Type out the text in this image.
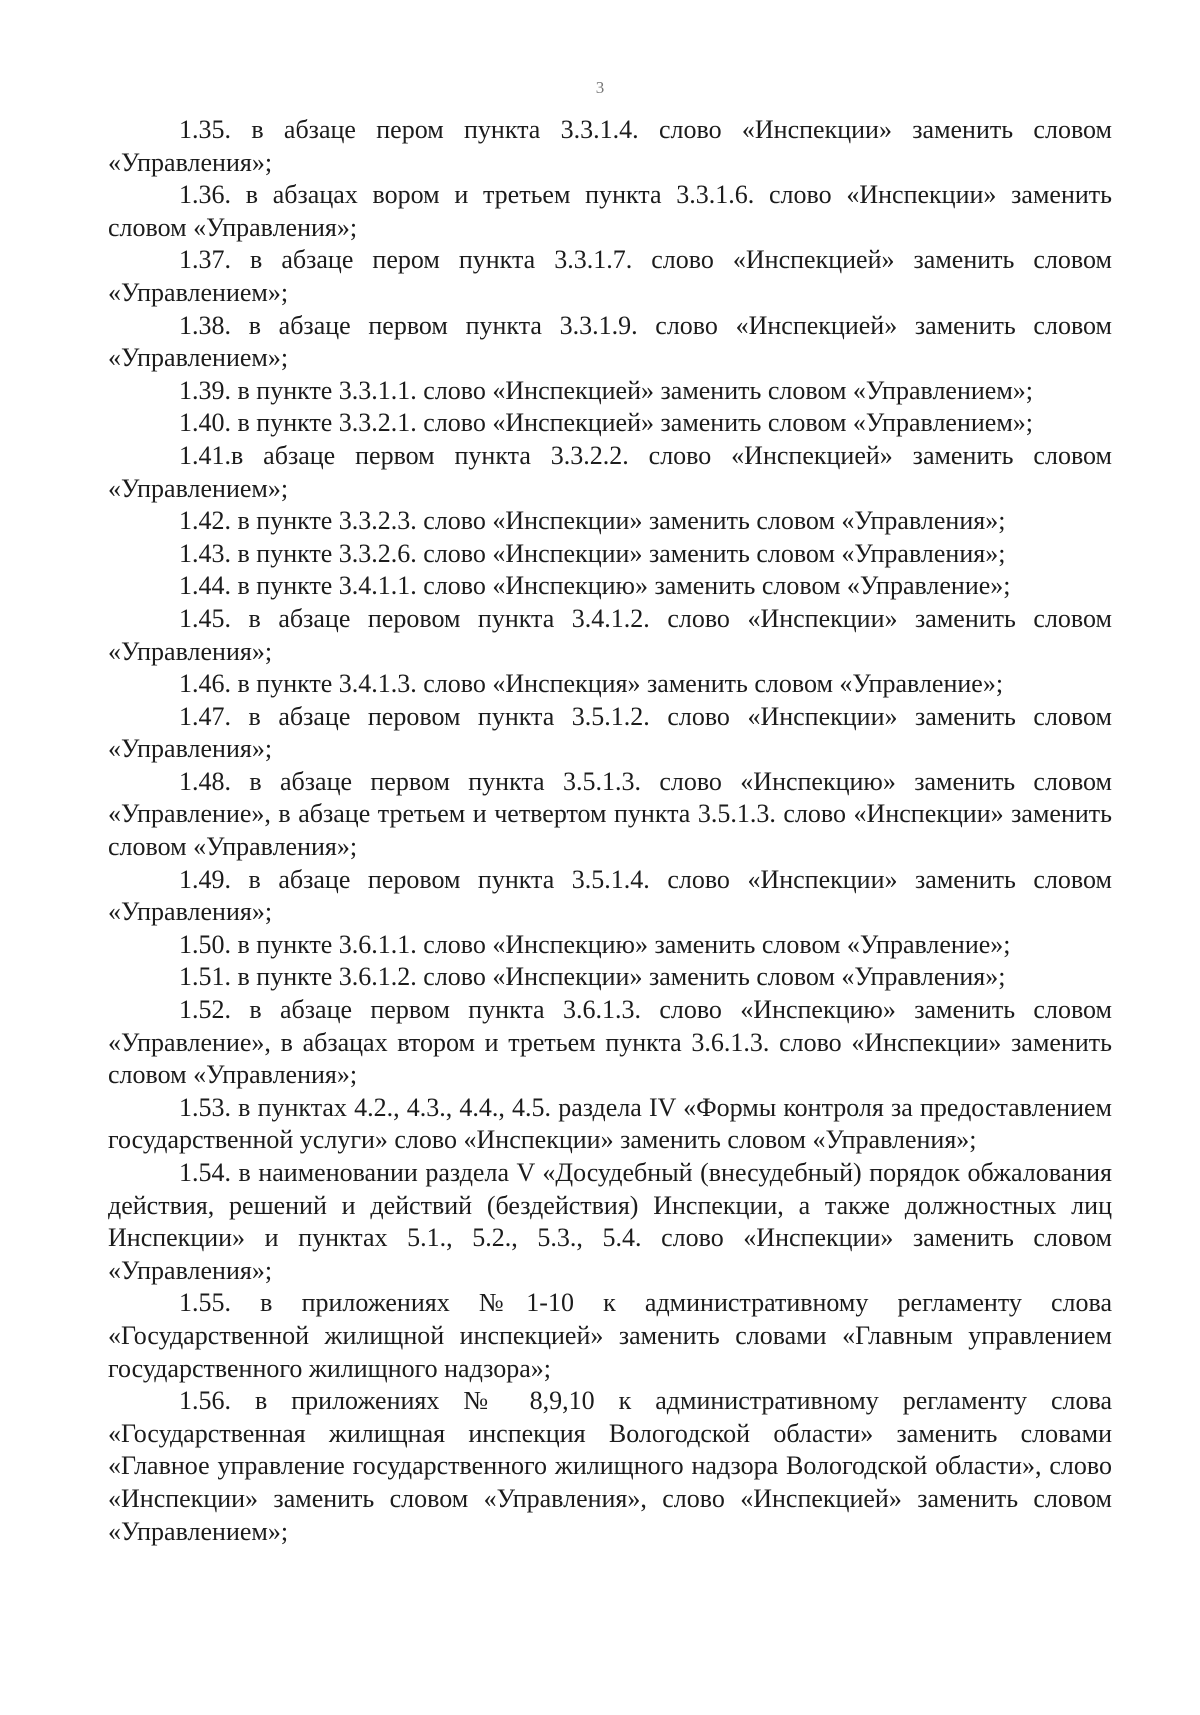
3

1.35. в абзаце пером пункта 3.3.1.4. слово «Инспекции» заменить словом «Управления»;

1.36. в абзацах вором и третьем пункта 3.3.1.6. слово «Инспекции» заменить словом «Управления»;

1.37. в абзаце пером пункта 3.3.1.7. слово «Инспекцией» заменить словом «Управлением»;

1.38. в абзаце первом пункта 3.3.1.9. слово «Инспекцией» заменить словом «Управлением»;

1.39. в пункте 3.3.1.1. слово «Инспекцией» заменить словом «Управлением»;

1.40. в пункте 3.3.2.1. слово «Инспекцией» заменить словом «Управлением»;

1.41.в абзаце первом пункта 3.3.2.2. слово «Инспекцией» заменить словом «Управлением»;

1.42. в пункте 3.3.2.3. слово «Инспекции» заменить словом «Управления»;

1.43. в пункте 3.3.2.6. слово «Инспекции» заменить словом «Управления»;

1.44. в пункте 3.4.1.1. слово «Инспекцию» заменить словом «Управление»;

1.45. в абзаце перовом пункта 3.4.1.2. слово «Инспекции» заменить словом «Управления»;

1.46. в пункте 3.4.1.3. слово «Инспекция» заменить словом «Управление»;

1.47. в абзаце перовом пункта 3.5.1.2. слово «Инспекции» заменить словом «Управления»;

1.48. в абзаце первом пункта 3.5.1.3. слово «Инспекцию» заменить словом «Управление», в абзаце третьем и четвертом пункта 3.5.1.3. слово «Инспекции» заменить словом «Управления»;

1.49. в абзаце перовом пункта 3.5.1.4. слово «Инспекции» заменить словом «Управления»;

1.50. в пункте 3.6.1.1. слово «Инспекцию» заменить словом «Управление»;

1.51. в пункте 3.6.1.2. слово «Инспекции» заменить словом «Управления»;

1.52. в абзаце первом пункта 3.6.1.3. слово «Инспекцию» заменить словом «Управление», в абзацах втором и третьем пункта 3.6.1.3. слово «Инспекции» заменить словом «Управления»;

1.53. в пунктах 4.2., 4.3., 4.4., 4.5. раздела IV «Формы контроля за предоставлением государственной услуги» слово «Инспекции» заменить словом «Управления»;

1.54. в наименовании раздела V «Досудебный (внесудебный) порядок обжалования действия, решений и действий (бездействия) Инспекции, а также должностных лиц Инспекции» и пунктах 5.1., 5.2., 5.3., 5.4. слово «Инспекции» заменить словом «Управления»;

1.55. в приложениях №1-10 к административному регламенту слова «Государственной жилищной инспекцией» заменить словами «Главным управлением государственного жилищного надзора»;

1.56. в приложениях № 8,9,10 к административному регламенту слова «Государственная жилищная инспекция Вологодской области» заменить словами «Главное управление государственного жилищного надзора Вологодской области», слово «Инспекции» заменить словом «Управления», слово «Инспекцией» заменить словом «Управлением»;
